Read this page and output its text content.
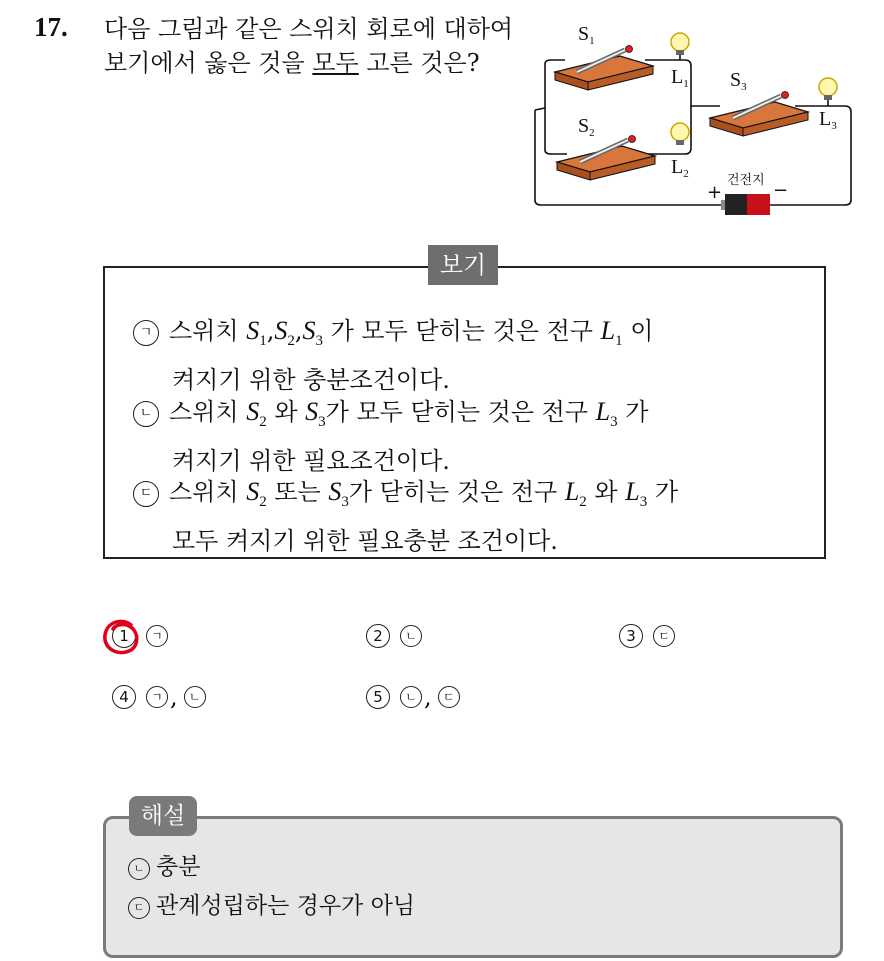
17. 다음 그림과 같은 스위치 회로에 대하여 보기에서 옳은 것을 모두 고른 것은?
$S_1$
$S_2$
$S_3$
$L_1$
$L_2$
$L_3$
건전지
+	−
보기
ㄱ 스위치 $S_1,S_2,S_3$ 가 모두 닫히는 것은 전구 $L_1$ 이
켜지기 위한 충분조건이다.
ㄴ 스위치 $S_2$ 와 $S_3$가 모두 닫히는 것은 전구 $L_3$ 가
켜지기 위한 필요조건이다.
ㄷ 스위치 $S_2$ 또는 $S_3$가 닫히는 것은 전구 $L_2$ 와 $L_3$ 가
모두 켜지기 위한 필요충분 조건이다.
1	ㄱ	2	ㄴ	3	ㄷ
4	ㄱ , ㄴ	5	ㄴ , ㄷ
해설
ㄴ 충분
ㄷ 관계성립하는 경우가 아님
